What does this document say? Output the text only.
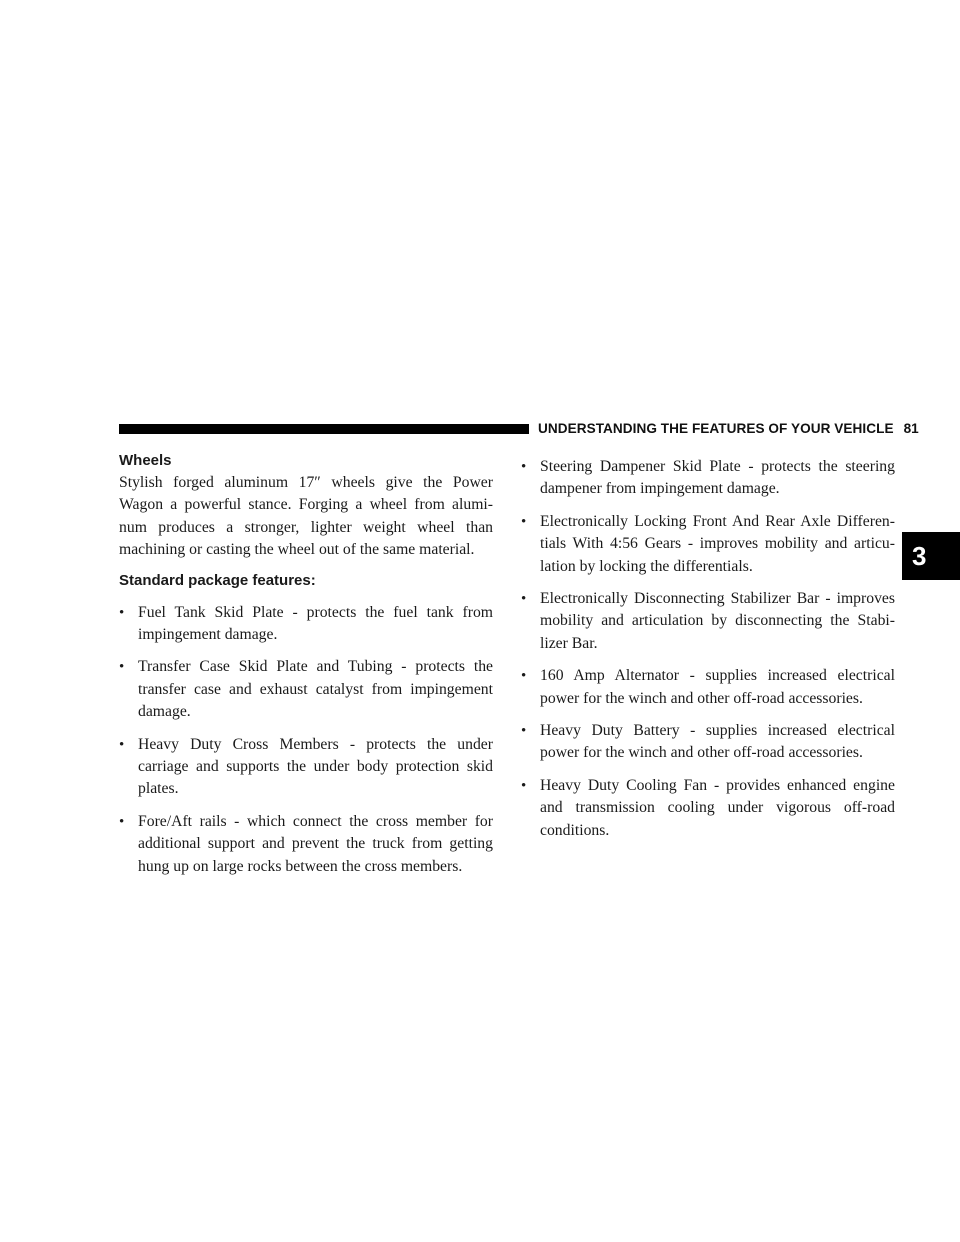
UNDERSTANDING THE FEATURES OF YOUR VEHICLE 81
3
Wheels

Stylish forged aluminum 17″ wheels give the Power Wagon a powerful stance. Forging a wheel from alumi-num produces a stronger, lighter weight wheel than machining or casting the wheel out of the same material.

Standard package features:
• Fuel Tank Skid Plate - protects the fuel tank from impingement damage.
• Transfer Case Skid Plate and Tubing - protects the transfer case and exhaust catalyst from impingement damage.
• Heavy Duty Cross Members - protects the under carriage and supports the under body protection skid plates.
• Fore/Aft rails - which connect the cross member for additional support and prevent the truck from getting hung up on large rocks between the cross members.
• Steering Dampener Skid Plate - protects the steering dampener from impingement damage.
• Electronically Locking Front And Rear Axle Differen-tials With 4:56 Gears - improves mobility and articu-lation by locking the differentials.
• Electronically Disconnecting Stabilizer Bar - improves mobility and articulation by disconnecting the Stabi-lizer Bar.
• 160 Amp Alternator - supplies increased electrical power for the winch and other off-road accessories.
• Heavy Duty Battery - supplies increased electrical power for the winch and other off-road accessories.
• Heavy Duty Cooling Fan - provides enhanced engine and transmission cooling under vigorous off-road conditions.
